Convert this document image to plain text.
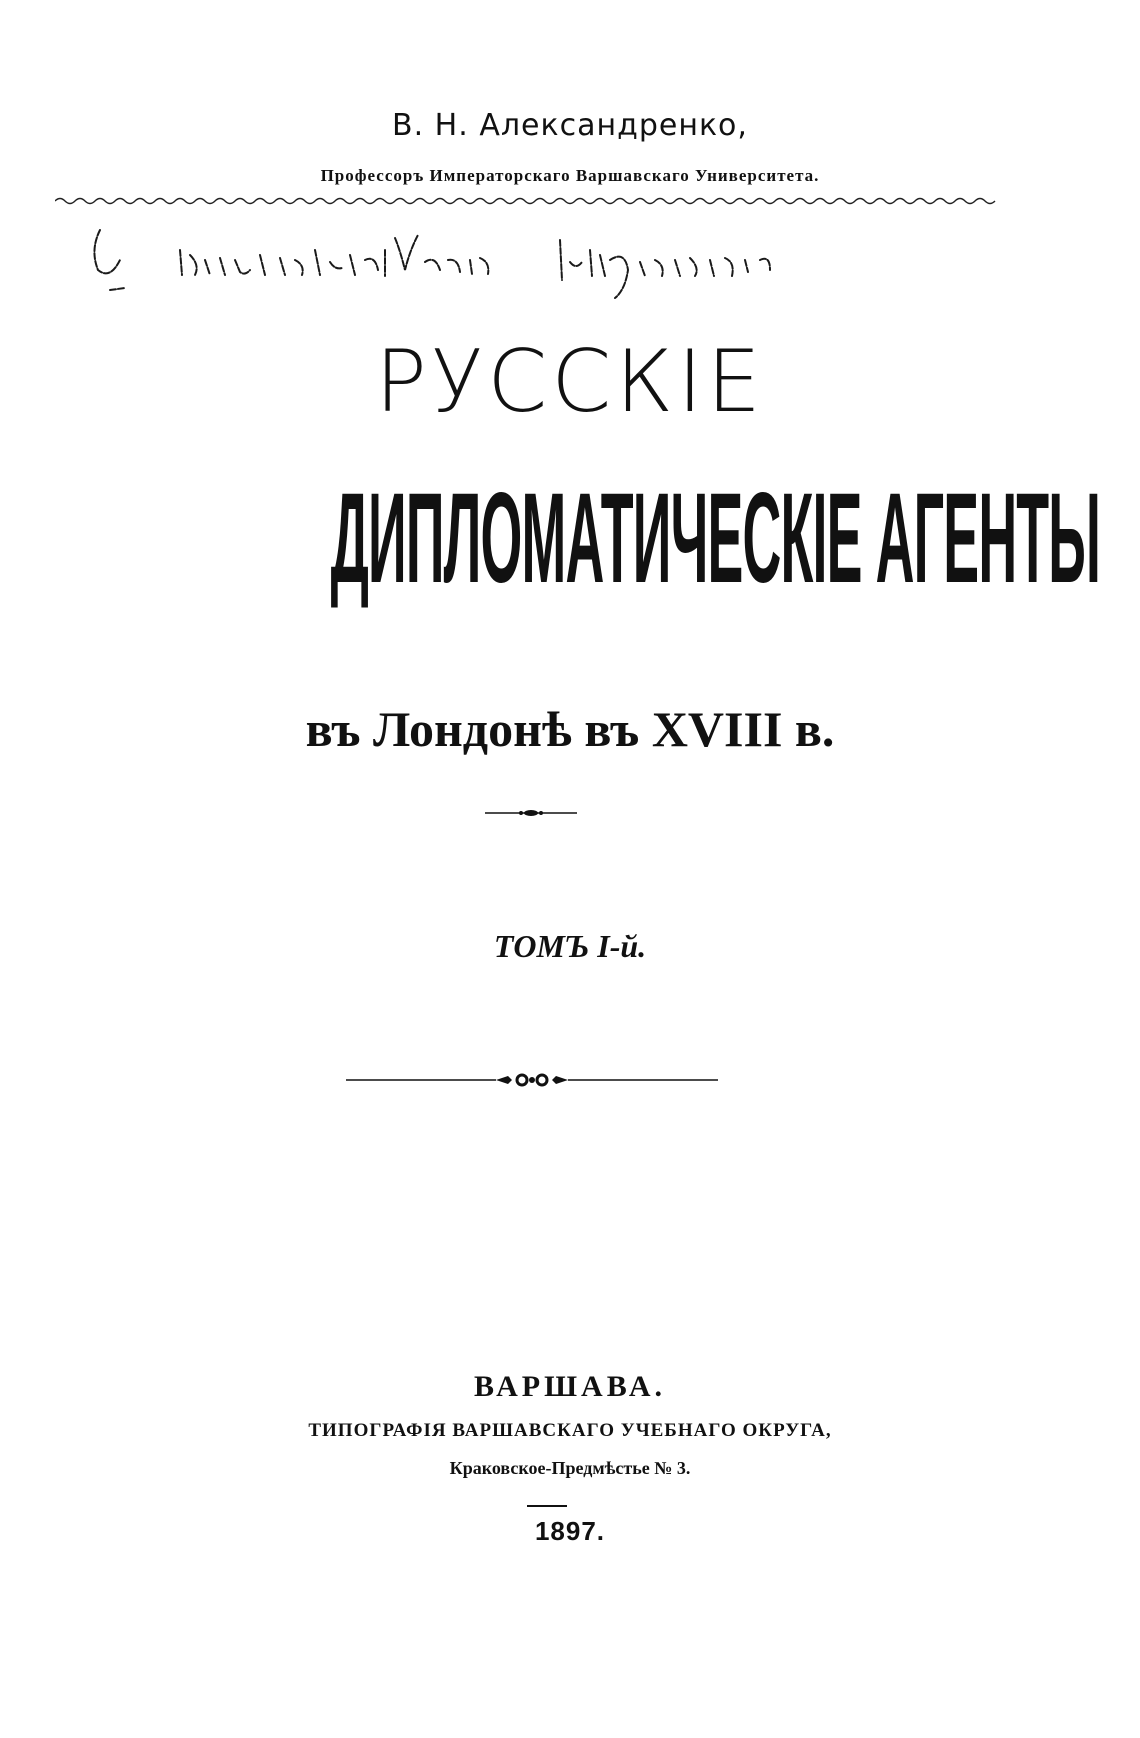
В. Н. Александренко,
Профессоръ Императорскаго Варшавскаго Университета.
РУССКІЕ
ДИПЛОМАТИЧЕСКІЕ АГЕНТЫ
въ Лондонѣ въ XVIII в.
ТОМЪ І-й.
ВАРШАВА.
ТИПОГРАФІЯ ВАРШАВСКАГО УЧЕБНАГО ОКРУГА,
Краковское-Предмѣстье № 3.
1897.
